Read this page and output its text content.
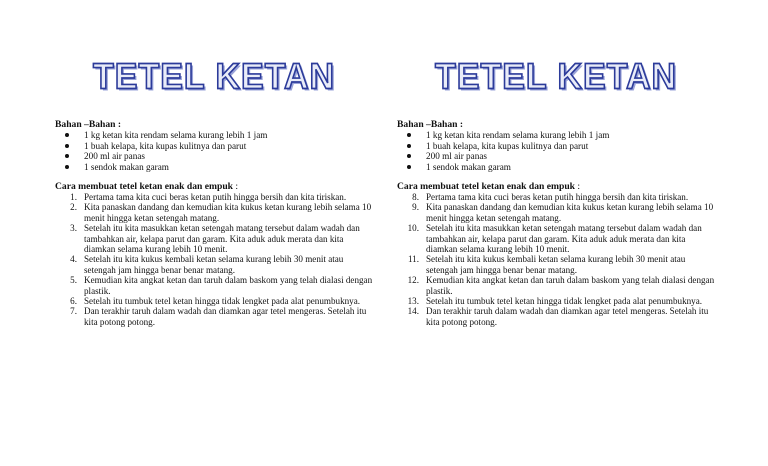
TETEL KETAN
Bahan –Bahan :
1 kg ketan kita rendam selama kurang lebih 1 jam
1 buah kelapa, kita kupas kulitnya dan parut
200 ml air panas
1 sendok makan garam
Cara membuat tetel ketan enak dan empuk :
1. Pertama tama kita cuci beras ketan putih hingga bersih dan kita tiriskan.
2. Kita panaskan dandang dan kemudian kita kukus ketan kurang lebih selama 10 menit hingga ketan setengah matang.
3. Setelah itu kita masukkan ketan setengah matang tersebut dalam wadah dan tambahkan air, kelapa parut dan garam. Kita aduk aduk merata dan kita diamkan selama kurang lebih 10 menit.
4. Setelah itu kita kukus kembali ketan selama kurang lebih 30 menit atau setengah jam hingga benar benar matang.
5. Kemudian kita angkat ketan dan taruh dalam baskom yang telah dialasi dengan plastik.
6. Setelah itu tumbuk tetel ketan hingga tidak lengket pada alat penumbuknya.
7. Dan terakhir taruh dalam wadah dan diamkan agar tetel mengeras. Setelah itu kita potong potong.
TETEL KETAN
Bahan –Bahan :
1 kg ketan kita rendam selama kurang lebih 1 jam
1 buah kelapa, kita kupas kulitnya dan parut
200 ml air panas
1 sendok makan garam
Cara membuat tetel ketan enak dan empuk :
8. Pertama tama kita cuci beras ketan putih hingga bersih dan kita tiriskan.
9. Kita panaskan dandang dan kemudian kita kukus ketan kurang lebih selama 10 menit hingga ketan setengah matang.
10. Setelah itu kita masukkan ketan setengah matang tersebut dalam wadah dan tambahkan air, kelapa parut dan garam. Kita aduk aduk merata dan kita diamkan selama kurang lebih 10 menit.
11. Setelah itu kita kukus kembali ketan selama kurang lebih 30 menit atau setengah jam hingga benar benar matang.
12. Kemudian kita angkat ketan dan taruh dalam baskom yang telah dialasi dengan plastik.
13. Setelah itu tumbuk tetel ketan hingga tidak lengket pada alat penumbuknya.
14. Dan terakhir taruh dalam wadah dan diamkan agar tetel mengeras. Setelah itu kita potong potong.
